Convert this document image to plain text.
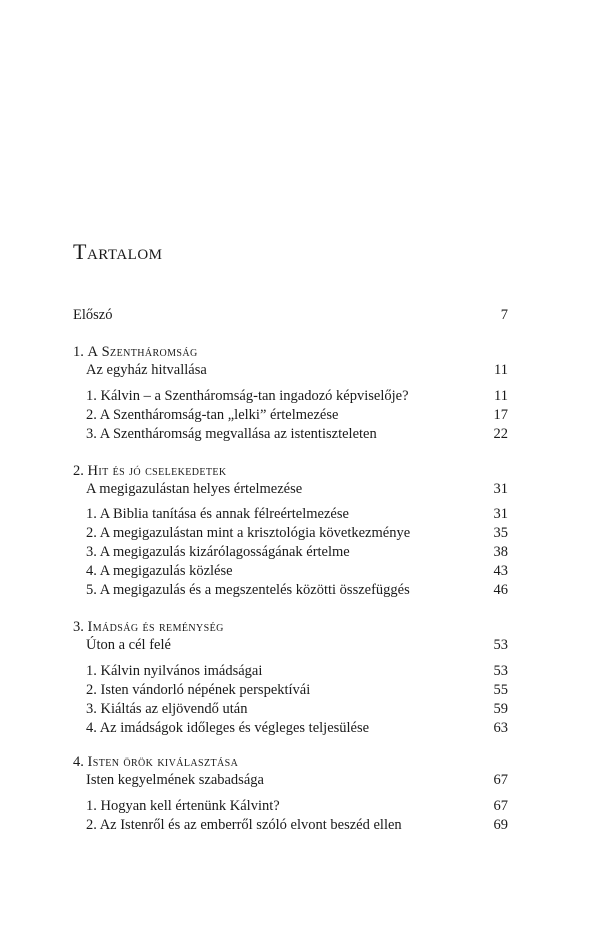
Tartalom
Előszó	7
1. A Szentháromság
Az egyház hitvallása	11
1. Kálvin – a Szentháromság-tan ingadozó képviselője?	11
2. A Szentháromság-tan „lelki” értelmezése	17
3. A Szentháromság megvallása az istentiszteleten	22
2. Hit és jó cselekedetek
A megigazulástan helyes értelmezése	31
1. A Biblia tanítása és annak félreértelmezése	31
2. A megigazulástan mint a krisztológia következménye	35
3. A megigazulás kizárólagosságának értelme	38
4. A megigazulás közlése	43
5. A megigazulás és a megszentelés közötti összefüggés	46
3. Imádság és reménység
Úton a cél felé	53
1. Kálvin nyilvános imádságai	53
2. Isten vándorló népének perspektívái	55
3. Kiáltás az eljövendő után	59
4. Az imádságok időleges és végleges teljesülése	63
4. Isten örök kiválasztása
Isten kegyelmének szabadsága	67
1. Hogyan kell értenünk Kálvint?	67
2. Az Istenről és az emberről szóló elvont beszéd ellen	69
